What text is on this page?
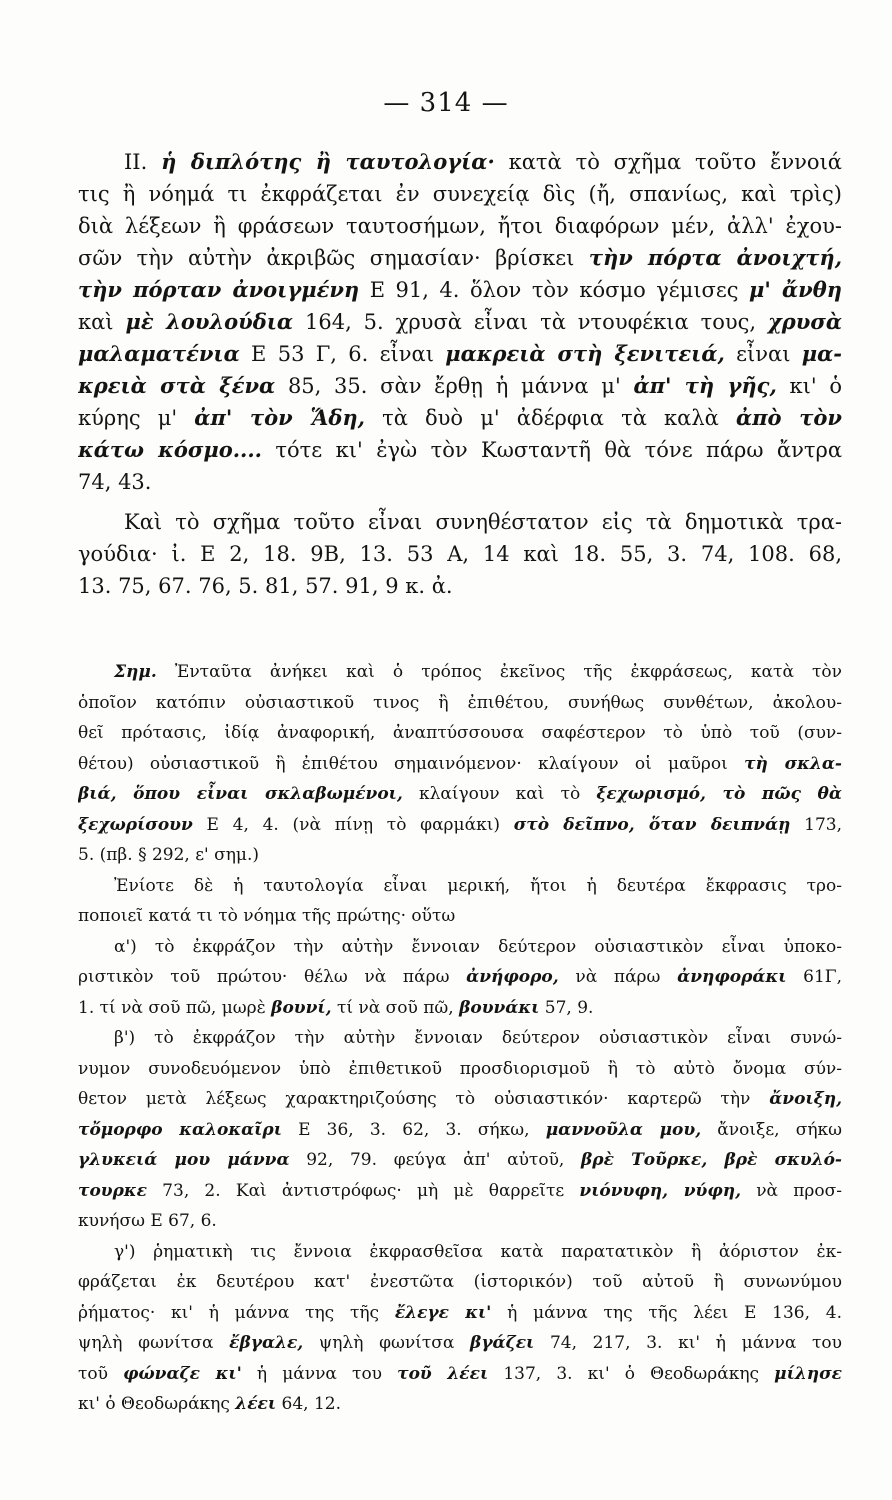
— 314 —
II. ἡ διπλότης ἢ ταυτολογία· κατὰ τὸ σχῆμα τοῦτο ἔννοιά
τις ἢ νόημά τι ἐκφράζεται ἐν συνεχείᾳ δὶς (ἤ, σπανίως, καὶ τρὶς)
διὰ λέξεων ἢ φράσεων ταυτοσήμων, ἤτοι διαφόρων μέν, ἀλλ' ἐχου-
σῶν τὴν αὐτὴν ἀκριβῶς σημασίαν· βρίσκει τὴν πόρτα ἀνοιχτή,
τὴν πόρταν ἀνοιγμένη Ε 91, 4. ὅλον τὸν κόσμο γέμισες μ' ἄνθη
καὶ μὲ λουλούδια 164, 5. χρυσὰ εἶναι τὰ ντουφέκια τους, χρυσὰ
μαλαματένια Ε 53 Γ, 6. εἶναι μακρειὰ στὴ ξενιτειά, εἶναι μα-
κρειὰ στὰ ξένα 85, 35. σὰν ἔρθῃ ἡ μάννα μ' ἀπ' τὴ γῆς, κι' ὁ
κύρης μ' ἀπ' τὸν Ἅδη, τὰ δυὸ μ' ἀδέρφια τὰ καλὰ ἀπὸ τὸν
κάτω κόσμο.... τότε κι' ἐγὼ τὸν Κωσταντῆ θὰ τόνε πάρω ἄντρα
74, 43.
Καὶ τὸ σχῆμα τοῦτο εἶναι συνηθέστατον εἰς τὰ δημοτικὰ τρα-
γούδια· ἰ. Ε 2, 18. 9Β, 13. 53 Α, 14 καὶ 18. 55, 3. 74, 108. 68,
13. 75, 67. 76, 5. 81, 57. 91, 9 κ. ἀ.
Σημ. Ἐνταῦτα ἀνήκει καὶ ὁ τρόπος ἐκεῖνος τῆς ἐκφράσεως, κατὰ τὸν
ὁποῖον κατόπιν οὐσιαστικοῦ τινος ἢ ἐπιθέτου, συνήθως συνθέτων, ἀκολου-
θεῖ πρότασις, ἰδίᾳ ἀναφορική, ἀναπτύσσουσα σαφέστερον τὸ ὑπὸ τοῦ (συν-
θέτου) οὐσιαστικοῦ ἢ ἐπιθέτου σημαινόμενον· κλαίγουν οἱ μαῦροι τὴ σκλα-
βιά, ὅπου εἶναι σκλαβωμένοι, κλαίγουν καὶ τὸ ξεχωρισμό, τὸ πῶς θὰ
ξεχωρίσουν Ε 4, 4. (νὰ πίνῃ τὸ φαρμάκι) στὸ δεῖπνο, ὅταν δειπνάῃ 173,
5. (πβ. § 292, ε' σημ.)
Ἐνίοτε δὲ ἡ ταυτολογία εἶναι μερική, ἤτοι ἡ δευτέρα ἔκφρασις τρο-
ποποιεῖ κατά τι τὸ νόημα τῆς πρώτης· οὕτω
α') τὸ ἐκφράζον τὴν αὐτὴν ἔννοιαν δεύτερον οὐσιαστικὸν εἶναι ὑποκο-
ριστικὸν τοῦ πρώτου· θέλω νὰ πάρω ἀνήφορο, νὰ πάρω ἀνηφοράκι 61Γ,
1. τί νὰ σοῦ πῶ, μωρὲ βουνί, τί νὰ σοῦ πῶ, βουνάκι 57, 9.
β') τὸ ἐκφράζον τὴν αὐτὴν ἔννοιαν δεύτερον οὐσιαστικὸν εἶναι συνώ-
νυμον συνοδευόμενον ὑπὸ ἐπιθετικοῦ προσδιορισμοῦ ἢ τὸ αὐτὸ ὄνομα σύν-
θετον μετὰ λέξεως χαρακτηριζούσης τὸ οὐσιαστικόν· καρτερῶ τὴν ἄνοιξη,
τὄμορφο καλοκαῖρι Ε 36, 3. 62, 3. σήκω, μαννοῦλα μου, ἄνοιξε, σήκω
γλυκειά μου μάννα 92, 79. φεύγα ἀπ' αὐτοῦ, βρὲ Τοῦρκε, βρὲ σκυλό-
τουρκε 73, 2. Καὶ ἀντιστρόφως· μὴ μὲ θαρρεῖτε νιόνυφη, νύφη, νὰ προσ-
κυνήσω Ε 67, 6.
γ') ῥηματικὴ τις ἔννοια ἐκφρασθεῖσα κατὰ παρατατικὸν ἢ ἀόριστον ἐκ-
φράζεται ἐκ δευτέρου κατ' ἐνεστῶτα (ἱστορικόν) τοῦ αὐτοῦ ἢ συνωνύμου
ῥήματος· κι' ἡ μάννα της τῆς ἔλεγε κι' ἡ μάννα της τῆς λέει Ε 136, 4.
ψηλὴ φωνίτσα ἔβγαλε, ψηλὴ φωνίτσα βγάζει 74, 217, 3. κι' ἡ μάννα του
τοῦ φώναζε κι' ἡ μάννα του τοῦ λέει 137, 3. κι' ὁ Θεοδωράκης μίλησε
κι' ὁ Θεοδωράκης λέει 64, 12.
